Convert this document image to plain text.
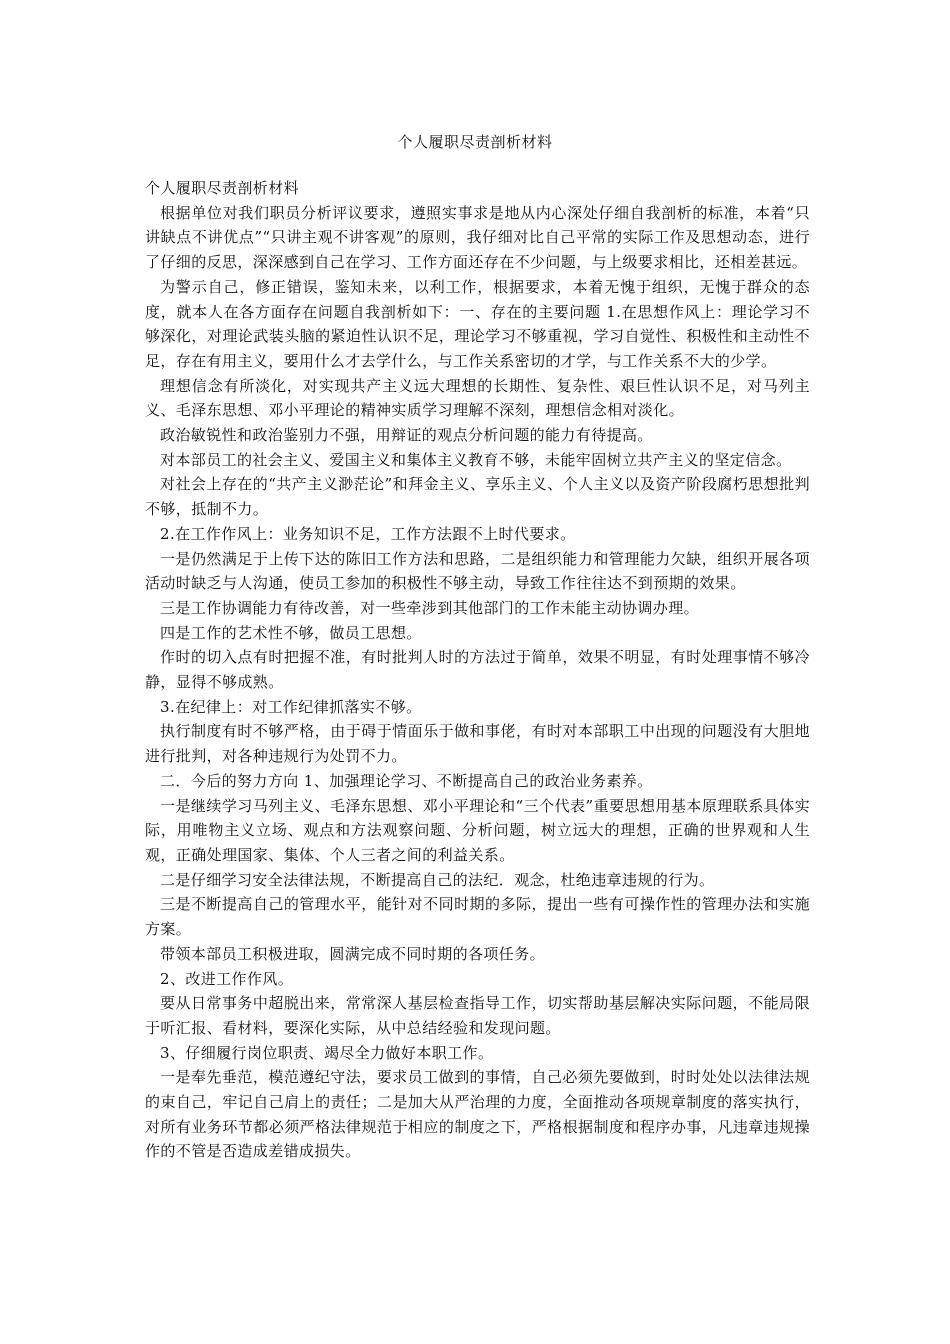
个人履职尽责剖析材料

个人履职尽责剖析材料

根据单位对我们职员分析评议要求，遵照实事求是地从内心深处仔细自我剖析的标准，本着“只讲缺点不讲优点”“只讲主观不讲客观”的原则，我仔细对比自己平常的实际工作及思想动态，进行了仔细的反思，深深感到自己在学习、工作方面还存在不少问题，与上级要求相比，还相差甚远。

为警示自己，修正错误，鉴知未来，以利工作，根据要求，本着无愧于组织，无愧于群众的态度，就本人在各方面存在问题自我剖析如下：一、存在的主要问题 1.在思想作风上：理论学习不够深化，对理论武装头脑的紧迫性认识不足，理论学习不够重视，学习自觉性、积极性和主动性不足，存在有用主义，要用什么才去学什么，与工作关系密切的才学，与工作关系不大的少学。

理想信念有所淡化，对实现共产主义远大理想的长期性、复杂性、艰巨性认识不足，对马列主义、毛泽东思想、邓小平理论的精神实质学习理解不深刻，理想信念相对淡化。

政治敏锐性和政治鉴别力不强，用辩证的观点分析问题的能力有待提高。

对本部员工的社会主义、爱国主义和集体主义教育不够，未能牢固树立共产主义的坚定信念。

对社会上存在的“共产主义渺茫论”和拜金主义、享乐主义、个人主义以及资产阶段腐朽思想批判不够，抵制不力。

2.在工作作风上：业务知识不足，工作方法跟不上时代要求。

一是仍然满足于上传下达的陈旧工作方法和思路，二是组织能力和管理能力欠缺，组织开展各项活动时缺乏与人沟通，使员工参加的积极性不够主动，导致工作往往达不到预期的效果。

三是工作协调能力有待改善，对一些牵涉到其他部门的工作未能主动协调办理。

四是工作的艺术性不够，做员工思想。

作时的切入点有时把握不准，有时批判人时的方法过于简单，效果不明显，有时处理事情不够冷静，显得不够成熟。

3.在纪律上：对工作纪律抓落实不够。

执行制度有时不够严格，由于碍于情面乐于做和事佬，有时对本部职工中出现的问题没有大胆地进行批判，对各种违规行为处罚不力。

二．今后的努力方向 1、加强理论学习、不断提高自己的政治业务素养。

一是继续学习马列主义、毛泽东思想、邓小平理论和“三个代表”重要思想用基本原理联系具体实际，用唯物主义立场、观点和方法观察问题、分析问题，树立远大的理想，正确的世界观和人生观，正确处理国家、集体、个人三者之间的利益关系。

二是仔细学习安全法律法规，不断提高自己的法纪．观念，杜绝违章违规的行为。

三是不断提高自己的管理水平，能针对不同时期的多际，提出一些有可操作性的管理办法和实施方案。

带领本部员工积极进取，圆满完成不同时期的各项任务。

2、改进工作作风。

要从日常事务中超脱出来，常常深人基层检查指导工作，切实帮助基层解决实际问题，不能局限于听汇报、看材料，要深化实际，从中总结经验和发现问题。

3、仔细履行岗位职责、竭尽全力做好本职工作。

一是奉先垂范，模范遵纪守法，要求员工做到的事情，自己必须先要做到，时时处处以法律法规的束自己，牢记自己肩上的责任；二是加大从严治理的力度，全面推动各项规章制度的落实执行，对所有业务环节都必须严格法律规范于相应的制度之下，严格根据制度和程序办事，凡违章违规操作的不管是否造成差错成损失。
